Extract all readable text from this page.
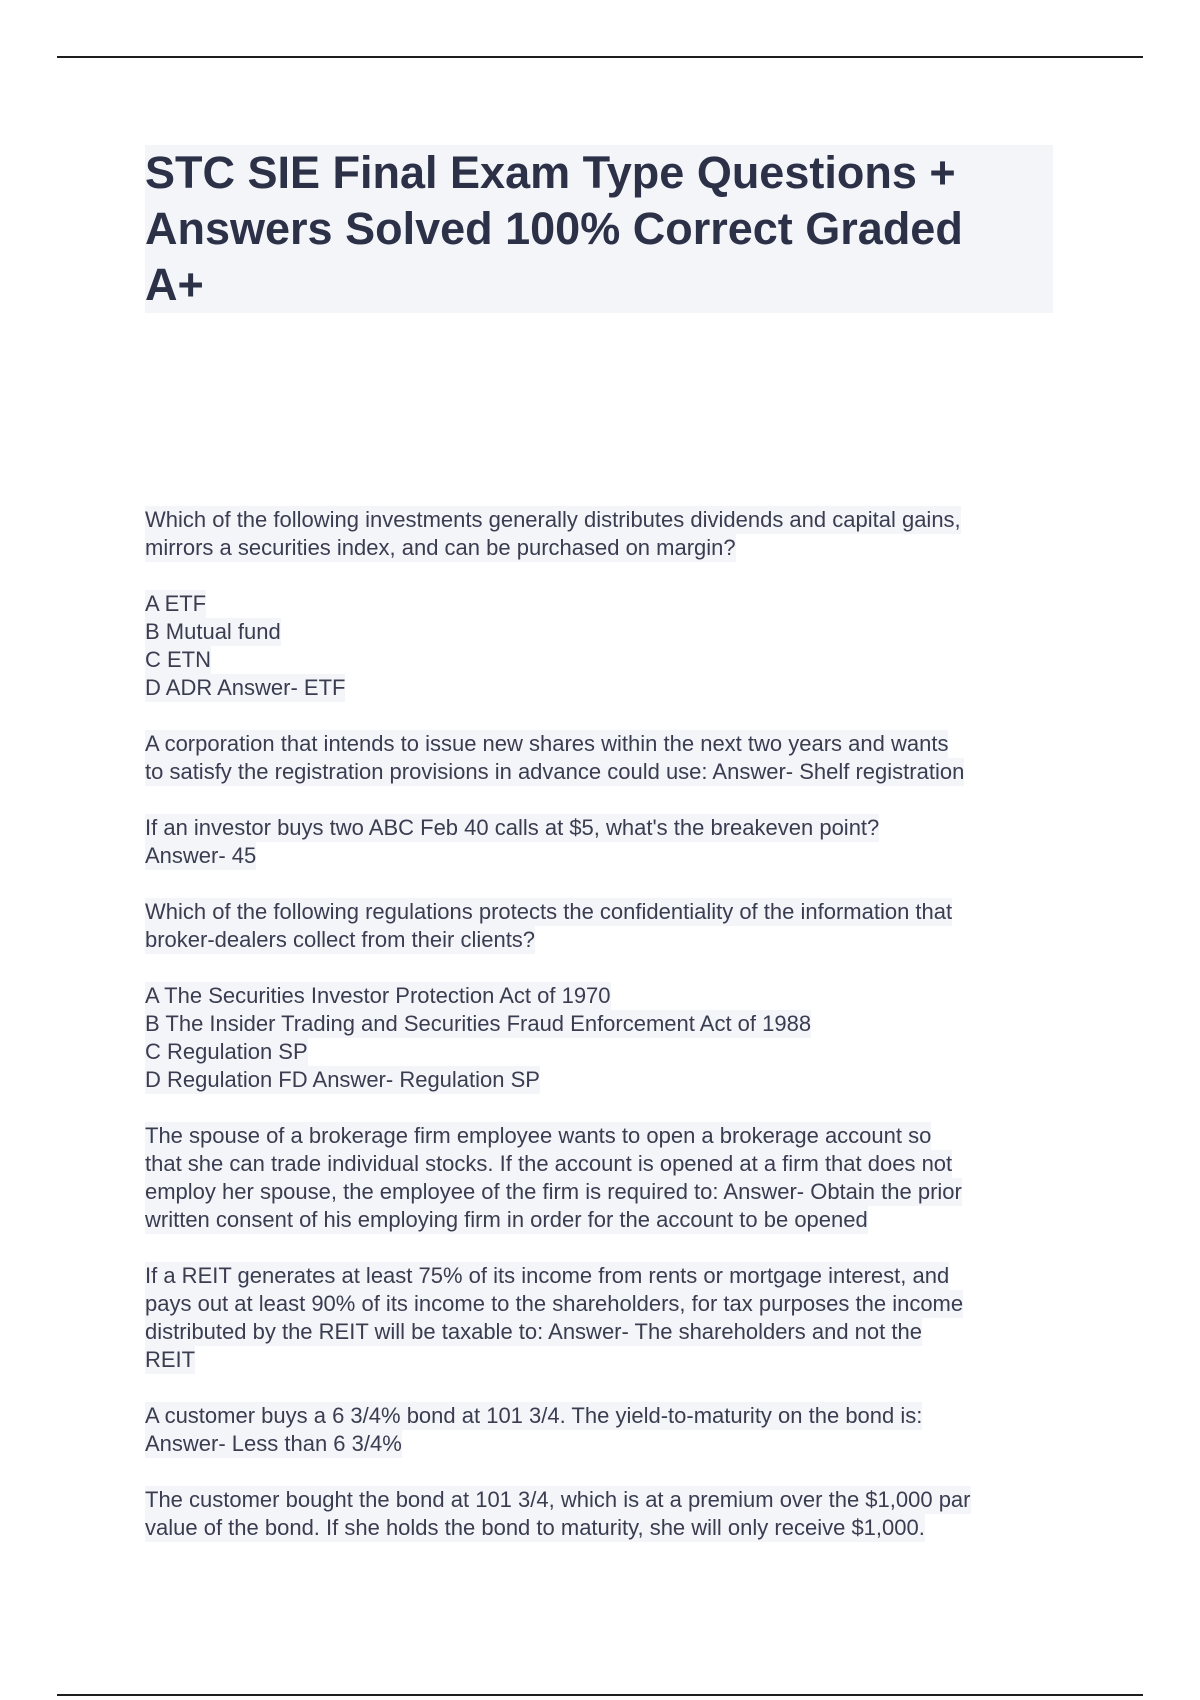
STC SIE Final Exam Type Questions +
Answers Solved 100% Correct Graded
A+

Which of the following investments generally distributes dividends and capital gains,
mirrors a securities index, and can be purchased on margin?

A ETF
B Mutual fund
C ETN
D ADR Answer- ETF

A corporation that intends to issue new shares within the next two years and wants
to satisfy the registration provisions in advance could use: Answer- Shelf registration

If an investor buys two ABC Feb 40 calls at $5, what's the breakeven point?
Answer- 45

Which of the following regulations protects the confidentiality of the information that
broker-dealers collect from their clients?

A The Securities Investor Protection Act of 1970
B The Insider Trading and Securities Fraud Enforcement Act of 1988
C Regulation SP
D Regulation FD Answer- Regulation SP

The spouse of a brokerage firm employee wants to open a brokerage account so
that she can trade individual stocks. If the account is opened at a firm that does not
employ her spouse, the employee of the firm is required to: Answer- Obtain the prior
written consent of his employing firm in order for the account to be opened

If a REIT generates at least 75% of its income from rents or mortgage interest, and
pays out at least 90% of its income to the shareholders, for tax purposes the income
distributed by the REIT will be taxable to: Answer- The shareholders and not the
REIT

A customer buys a 6 3/4% bond at 101 3/4. The yield-to-maturity on the bond is:
Answer- Less than 6 3/4%

The customer bought the bond at 101 3/4, which is at a premium over the $1,000 par
value of the bond. If she holds the bond to maturity, she will only receive $1,000.
